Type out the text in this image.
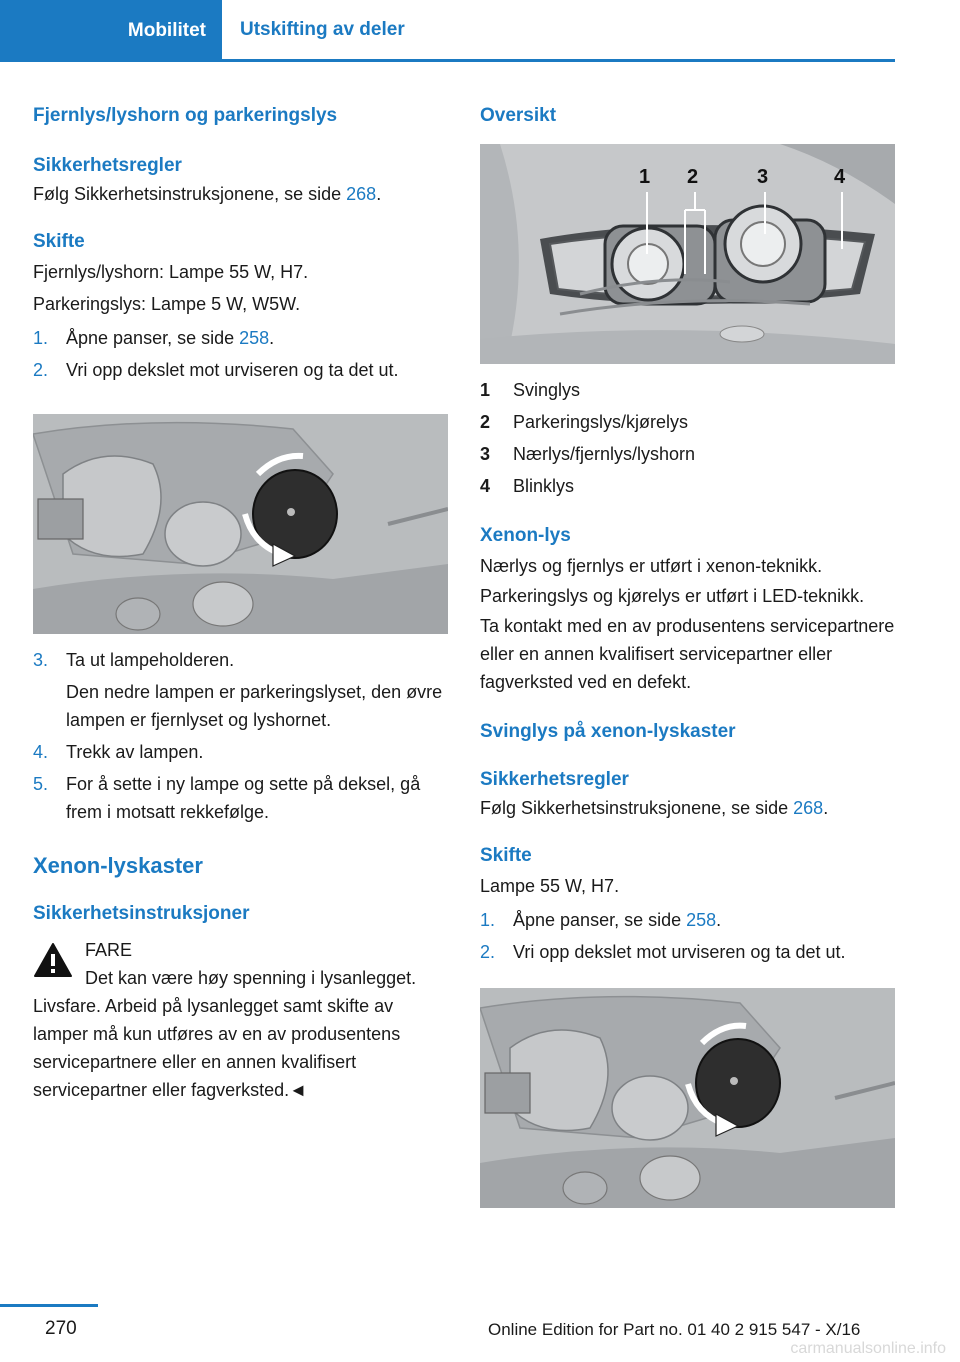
Mobilitet	Utskifting av deler
Fjernlys/lyshorn og parkeringslys
Sikkerhetsregler
Følg Sikkerhetsinstruksjonene, se side 268.
Skifte
Fjernlys/lyshorn: Lampe 55 W, H7.
Parkeringslys: Lampe 5 W, W5W.
1. Åpne panser, se side 258.
2. Vri opp dekslet mot urviseren og ta det ut.
3. Ta ut lampeholderen.
Den nedre lampen er parkeringslyset, den øvre lampen er fjernlyset og lyshornet.
4. Trekk av lampen.
5. For å sette i ny lampe og sette på deksel, gå frem i motsatt rekkefølge.
Xenon-lyskaster
Sikkerhetsinstruksjoner
FARE
Det kan være høy spenning i lysanlegget.
Livsfare. Arbeid på lysanlegget samt skifte av lamper må kun utføres av en av produsentens servicepartnere eller en annen kvalifisert servicepartner eller fagverksted.◄
Oversikt
1 2	3	4
1 Svinglys
2 Parkeringslys/kjørelys
3 Nærlys/fjernlys/lyshorn
4 Blinklys
Xenon-lys
Nærlys og fjernlys er utført i xenon-teknikk.
Parkeringslys og kjørelys er utført i LED-teknikk.
Ta kontakt med en av produsentens servicepartnere eller en annen kvalifisert servicepartner eller fagverksted ved en defekt.
Svinglys på xenon-lyskaster
Sikkerhetsregler
Følg Sikkerhetsinstruksjonene, se side 268.
Skifte
Lampe 55 W, H7.
1. Åpne panser, se side 258.
2. Vri opp dekslet mot urviseren og ta det ut.
270	Online Edition for Part no. 01 40 2 915 547 - X/16
carmanualsonline.info
